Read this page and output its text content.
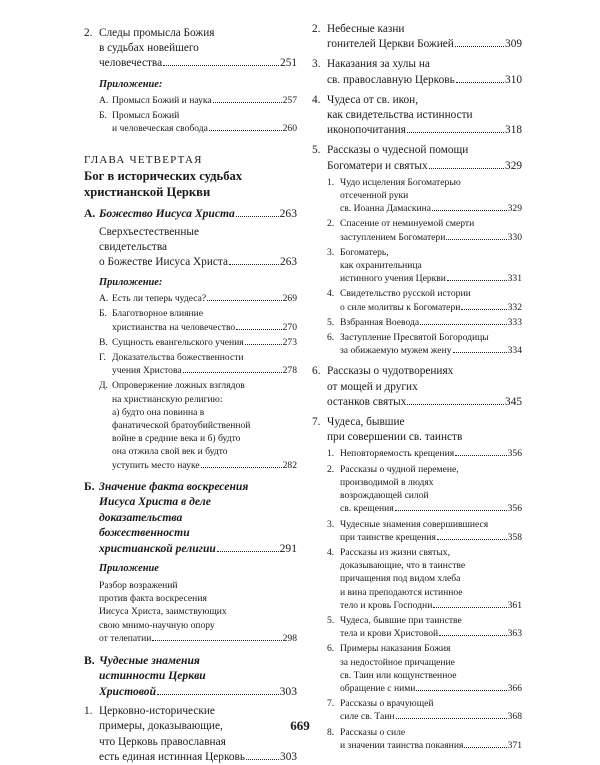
2. Следы промысла Божия
в судьбах новейшего
человечества	251
Приложение:
А. Промысл Божий и наука	257
Б. Промысл Божий
и человеческая свобода	260
ГЛАВА ЧЕТВЕРТАЯ
Бог в исторических судьбах
христианской Церкви
А. Божество Иисуса Христа	263
Сверхъестественные
свидетельства
о Божестве Иисуса Христа	263
Приложение:
А. Есть ли теперь чудеса?	269
Б. Благотворное влияние
христианства на человечество	270
В. Сущность евангельского учения	273
Г. Доказательства божественности
учения Христова	278
Д. Опровержение ложных взглядов
на христианскую религию:
а) будто она повинна в
фанатической братоубийственной
войне в средние века и б) будто
она отжила свой век и будто
уступить место науке	282
Б. Значение факта воскресения
Иисуса Христа в деле
доказательства
божественности
христианской религии	291
Приложение
Разбор возражений
против факта воскресения
Иисуса Христа, заимствующих
свою мнимо-научную опору
от телепатии	298
В. Чудесные знамения
истинности Церкви
Христовой	303
1. Церковно-исторические
примеры, доказывающие,
что Церковь православная
есть единая истинная Церковь	303
2. Небесные казни
гонителей Церкви Божией	309
3. Наказания за хулы на
св. православную Церковь	310
4. Чудеса от св. икон,
как свидетельства истинности
иконопочитания	318
5. Рассказы о чудесной помощи
Богоматери и святых	329
1. Чудо исцеления Богоматерью
отсеченной руки
св. Иоанна Дамаскина	329
2. Спасение от неминуемой смерти
заступлением Богоматери	330
3. Богоматерь,
как охранительница
истинного учения Церкви	331
4. Свидетельство русской истории
о силе молитвы к Богоматери	332
5. Взбранная Воевода	333
6. Заступление Пресвятой Богородицы
за обижаемую мужем жену	334
6. Рассказы о чудотворениях
от мощей и других
останков святых	345
7. Чудеса, бывшие
при совершении св. таинств
1. Неповторяемость крещения	356
2. Рассказы о чудной перемене,
производимой в людях
возрождающей силой
св. крещения	356
3. Чудесные знамения совершившиеся
при таинстве крещения	358
4. Рассказы из жизни святых,
доказывающие, что в таинстве
причащения под видом хлеба
и вина преподаются истинное
тело и кровь Господни	361
5. Чудеса, бывшие при таинстве
тела и крови Христовой	363
6. Примеры наказания Божия
за недостойное причащение
св. Таин или кощунственное
обращение с ними	366
7. Рассказы о врачующей
силе св. Таин	368
8. Рассказы о силе
и значении таинства покаяния	371
669
